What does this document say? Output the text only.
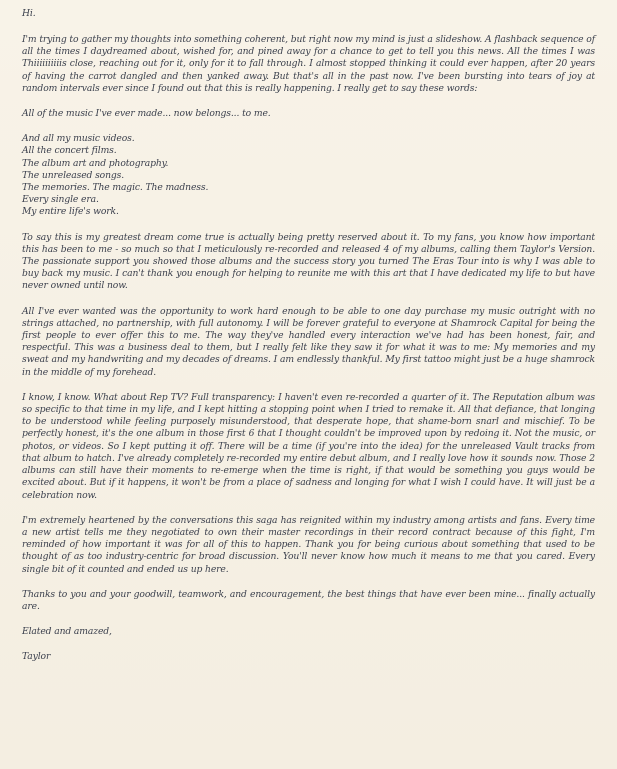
Hi.

I'm trying to gather my thoughts into something coherent, but right now my mind is just a slideshow. A flashback sequence of all the times I daydreamed about, wished for, and pined away for a chance to get to tell you this news. All the times I was Thiiiiiiiiiis close, reaching out for it, only for it to fall through. I almost stopped thinking it could ever happen, after 20 years of having the carrot dangled and then yanked away. But that's all in the past now. I've been bursting into tears of joy at random intervals ever since I found out that this is really happening. I really get to say these words:

All of the music I've ever made... now belongs... to me.

And all my music videos.
All the concert films.
The album art and photography.
The unreleased songs.
The memories. The magic. The madness.
Every single era.
My entire life's work.

To say this is my greatest dream come true is actually being pretty reserved about it. To my fans, you know how important this has been to me - so much so that I meticulously re-recorded and released 4 of my albums, calling them Taylor's Version. The passionate support you showed those albums and the success story you turned The Eras Tour into is why I was able to buy back my music. I can't thank you enough for helping to reunite me with this art that I have dedicated my life to but have never owned until now.

All I've ever wanted was the opportunity to work hard enough to be able to one day purchase my music outright with no strings attached, no partnership, with full autonomy. I will be forever grateful to everyone at Shamrock Capital for being the first people to ever offer this to me. The way they've handled every interaction we've had has been honest, fair, and respectful. This was a business deal to them, but I really felt like they saw it for what it was to me: My memories and my sweat and my handwriting and my decades of dreams. I am endlessly thankful. My first tattoo might just be a huge shamrock in the middle of my forehead.

I know, I know. What about Rep TV? Full transparency: I haven't even re-recorded a quarter of it. The Reputation album was so specific to that time in my life, and I kept hitting a stopping point when I tried to remake it. All that defiance, that longing to be understood while feeling purposely misunderstood, that desperate hope, that shame-born snarl and mischief. To be perfectly honest, it's the one album in those first 6 that I thought couldn't be improved upon by redoing it. Not the music, or photos, or videos. So I kept putting it off. There will be a time (if you're into the idea) for the unreleased Vault tracks from that album to hatch. I've already completely re-recorded my entire debut album, and I really love how it sounds now. Those 2 albums can still have their moments to re-emerge when the time is right, if that would be something you guys would be excited about. But if it happens, it won't be from a place of sadness and longing for what I wish I could have. It will just be a celebration now.

I'm extremely heartened by the conversations this saga has reignited within my industry among artists and fans. Every time a new artist tells me they negotiated to own their master recordings in their record contract because of this fight, I'm reminded of how important it was for all of this to happen. Thank you for being curious about something that used to be thought of as too industry-centric for broad discussion. You'll never know how much it means to me that you cared. Every single bit of it counted and ended us up here.

Thanks to you and your goodwill, teamwork, and encouragement, the best things that have ever been mine... finally actually are.

Elated and amazed,

Taylor
